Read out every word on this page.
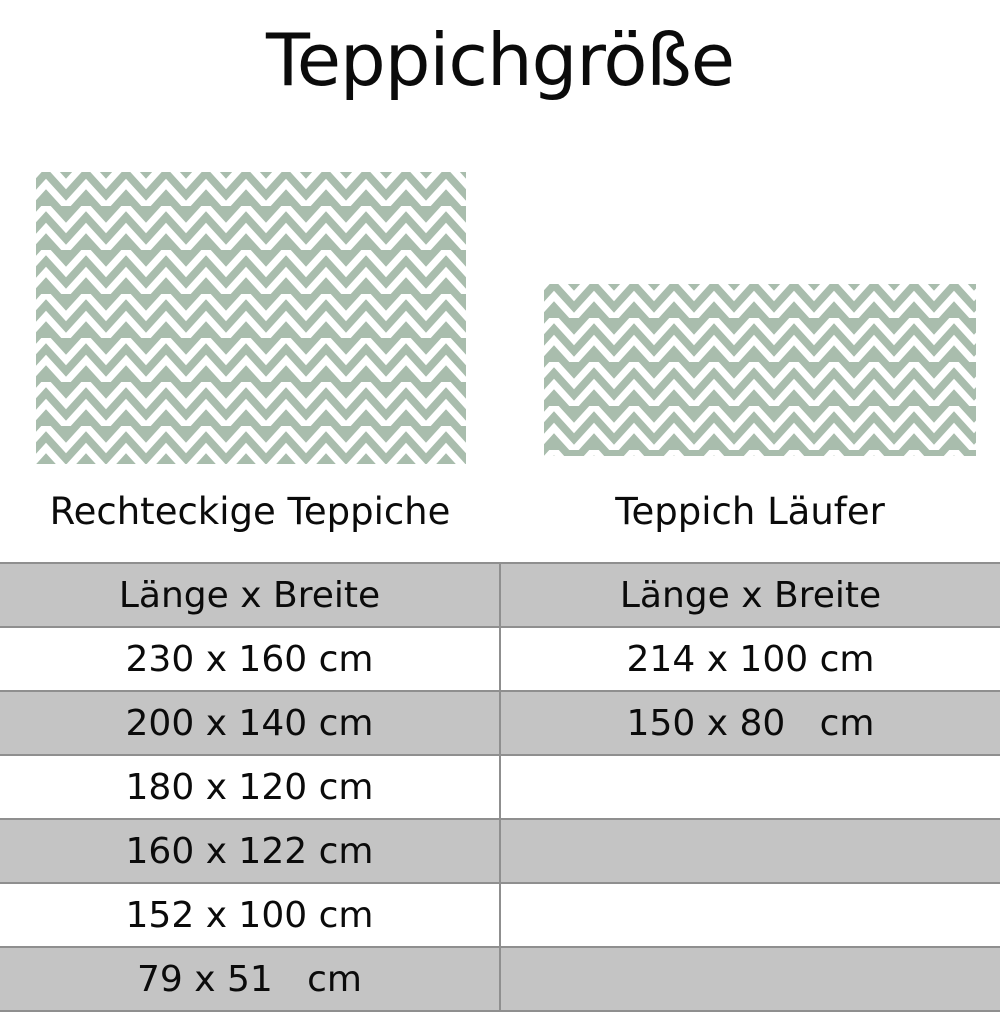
Teppichgröße
Rechteckige Teppiche	Teppich Läufer
Länge x Breite	Länge x Breite
230 x 160 cm	214 x 100 cm
200 x 140 cm	150 x 80   cm
180 x 120 cm	
160 x 122 cm	
152 x 100 cm	
79 x 51   cm	
